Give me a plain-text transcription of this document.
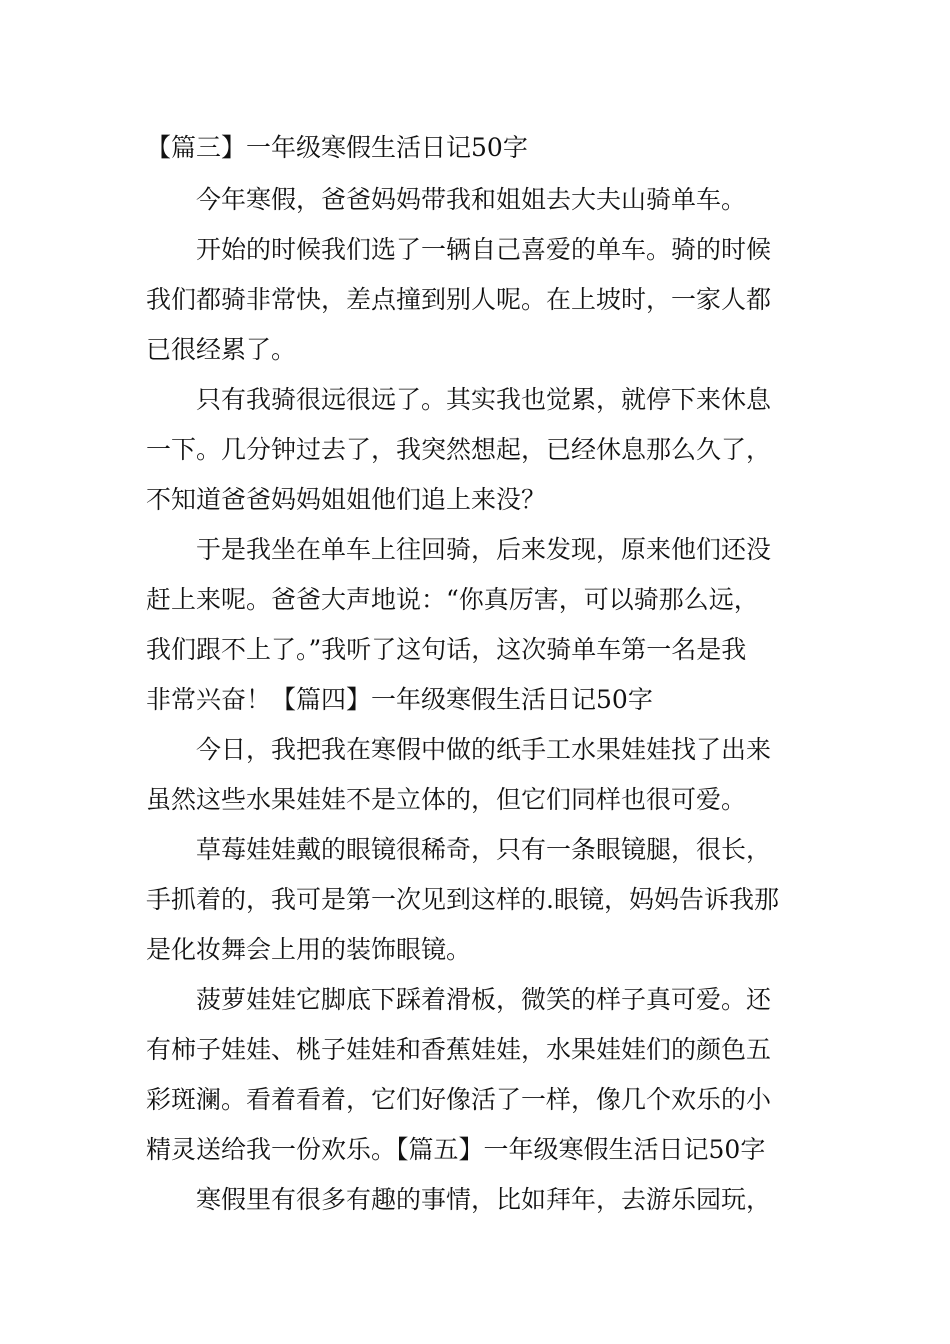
【篇三】一年级寒假生活日记50字
今年寒假，爸爸妈妈带我和姐姐去大夫山骑单车。
开始的时候我们选了一辆自己喜爱的单车。骑的时候
我们都骑非常快，差点撞到别人呢。在上坡时，一家人都
已很经累了。
只有我骑很远很远了。其实我也觉累，就停下来休息
一下。几分钟过去了，我突然想起，已经休息那么久了，
不知道爸爸妈妈姐姐他们追上来没？
于是我坐在单车上往回骑，后来发现，原来他们还没
赶上来呢。爸爸大声地说：“你真厉害，可以骑那么远，
我们跟不上了。”我听了这句话，这次骑单车第一名是我
非常兴奋！【篇四】一年级寒假生活日记50字
今日，我把我在寒假中做的纸手工水果娃娃找了出来
虽然这些水果娃娃不是立体的，但它们同样也很可爱。
草莓娃娃戴的眼镜很稀奇，只有一条眼镜腿，很长，
手抓着的，我可是第一次见到这样的.眼镜，妈妈告诉我那
是化妆舞会上用的装饰眼镜。
菠萝娃娃它脚底下踩着滑板，微笑的样子真可爱。还
有柿子娃娃、桃子娃娃和香蕉娃娃，水果娃娃们的颜色五
彩斑澜。看着看着，它们好像活了一样，像几个欢乐的小
精灵送给我一份欢乐。【篇五】一年级寒假生活日记50字
寒假里有很多有趣的事情，比如拜年，去游乐园玩，
